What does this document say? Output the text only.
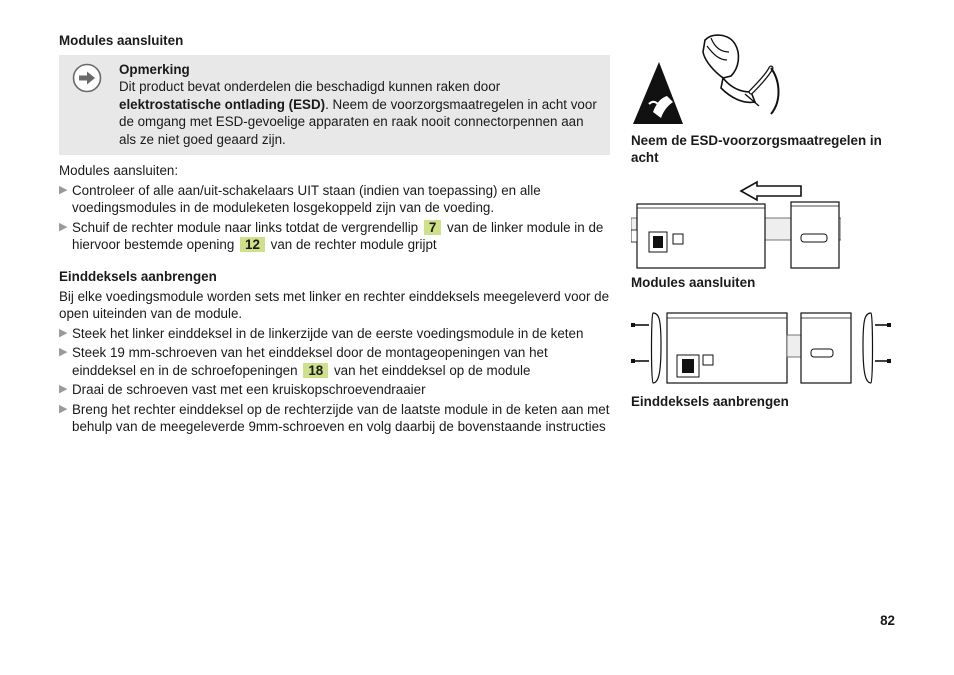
Modules aansluiten
Opmerking
Dit product bevat onderdelen die beschadigd kunnen raken door elektrostatische ontlading (ESD). Neem de voorzorgsmaatregelen in acht voor de omgang met ESD-gevoelige apparaten en raak nooit connectorpennen aan als ze niet goed geaard zijn.

Modules aansluiten:

▶ Controleer of alle aan/uit-schakelaars UIT staan (indien van toepassing) en alle voedingsmodules in de moduleketen losgekoppeld zijn van de voeding.
▶ Schuif de rechter module naar links totdat de vergrendellip 7 van de linker module in de hiervoor bestemde opening 12 van de rechter module grijpt
Einddeksels aanbrengen

Bij elke voedingsmodule worden sets met linker en rechter einddeksels meegeleverd voor de open uiteinden van de module.

▶ Steek het linker einddeksel in de linkerzijde van de eerste voedingsmodule in de keten
▶ Steek 19 mm-schroeven van het einddeksel door de montageopeningen van het einddeksel en in de schroefopeningen 18 van het einddeksel op de module
▶ Draai de schroeven vast met een kruiskopschroevendraaier
▶ Breng het rechter einddeksel op de rechterzijde van de laatste module in de keten aan met behulp van de meegeleverde 9mm-schroeven en volg daarbij de bovenstaande instructies
Neem de ESD-voorzorgsmaatregelen in acht
Modules aansluiten
Einddeksels aanbrengen
82
